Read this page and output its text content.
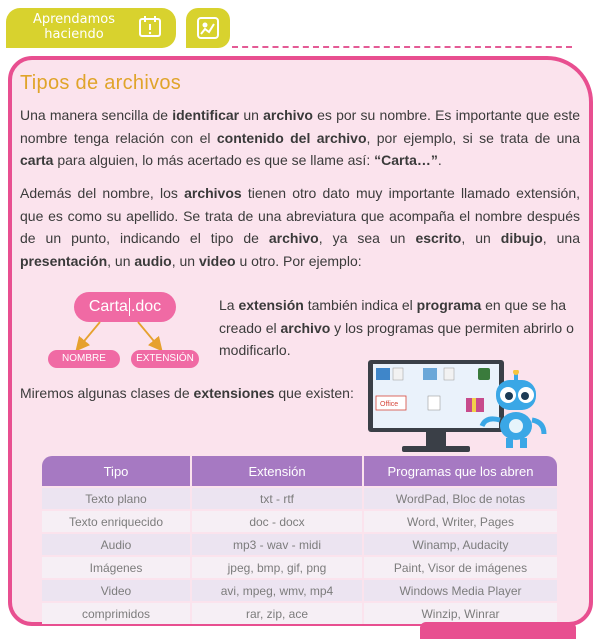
Aprendamos
haciendo
Tipos de archivos
Una manera sencilla de identificar un archivo es por su nombre. Es importante que este nombre tenga relación con el contenido del archivo, por ejemplo, si se trata de una carta para alguien, lo más acertado es que se llame así: “Carta…”.
Además del nombre, los archivos tienen otro dato muy importante llamado extensión, que es como su apellido. Se trata de una abreviatura que acompaña el nombre después de un punto, indicando el tipo de archivo, ya sea un escrito, un dibujo, una presentación, un audio, un video u otro. Por ejemplo:
Carta .doc
NOMBRE	EXTENSIÓN
La extensión también indica el programa en que se ha creado el archivo y los programas que permiten abrirlo o modificarlo.
Miremos algunas clases de extensiones que existen:
Office
Tipo	Extensión	Programas que los abren
Texto plano	txt - rtf	WordPad, Bloc de notas
Texto enriquecido	doc - docx	Word, Writer, Pages
Audio	mp3 - wav - midi	Winamp, Audacity
Imágenes	jpeg, bmp, gif, png	Paint, Visor de imágenes
Video	avi, mpeg, wmv, mp4	Windows Media Player
comprimidos	rar, zip, ace	Winzip, Winrar
